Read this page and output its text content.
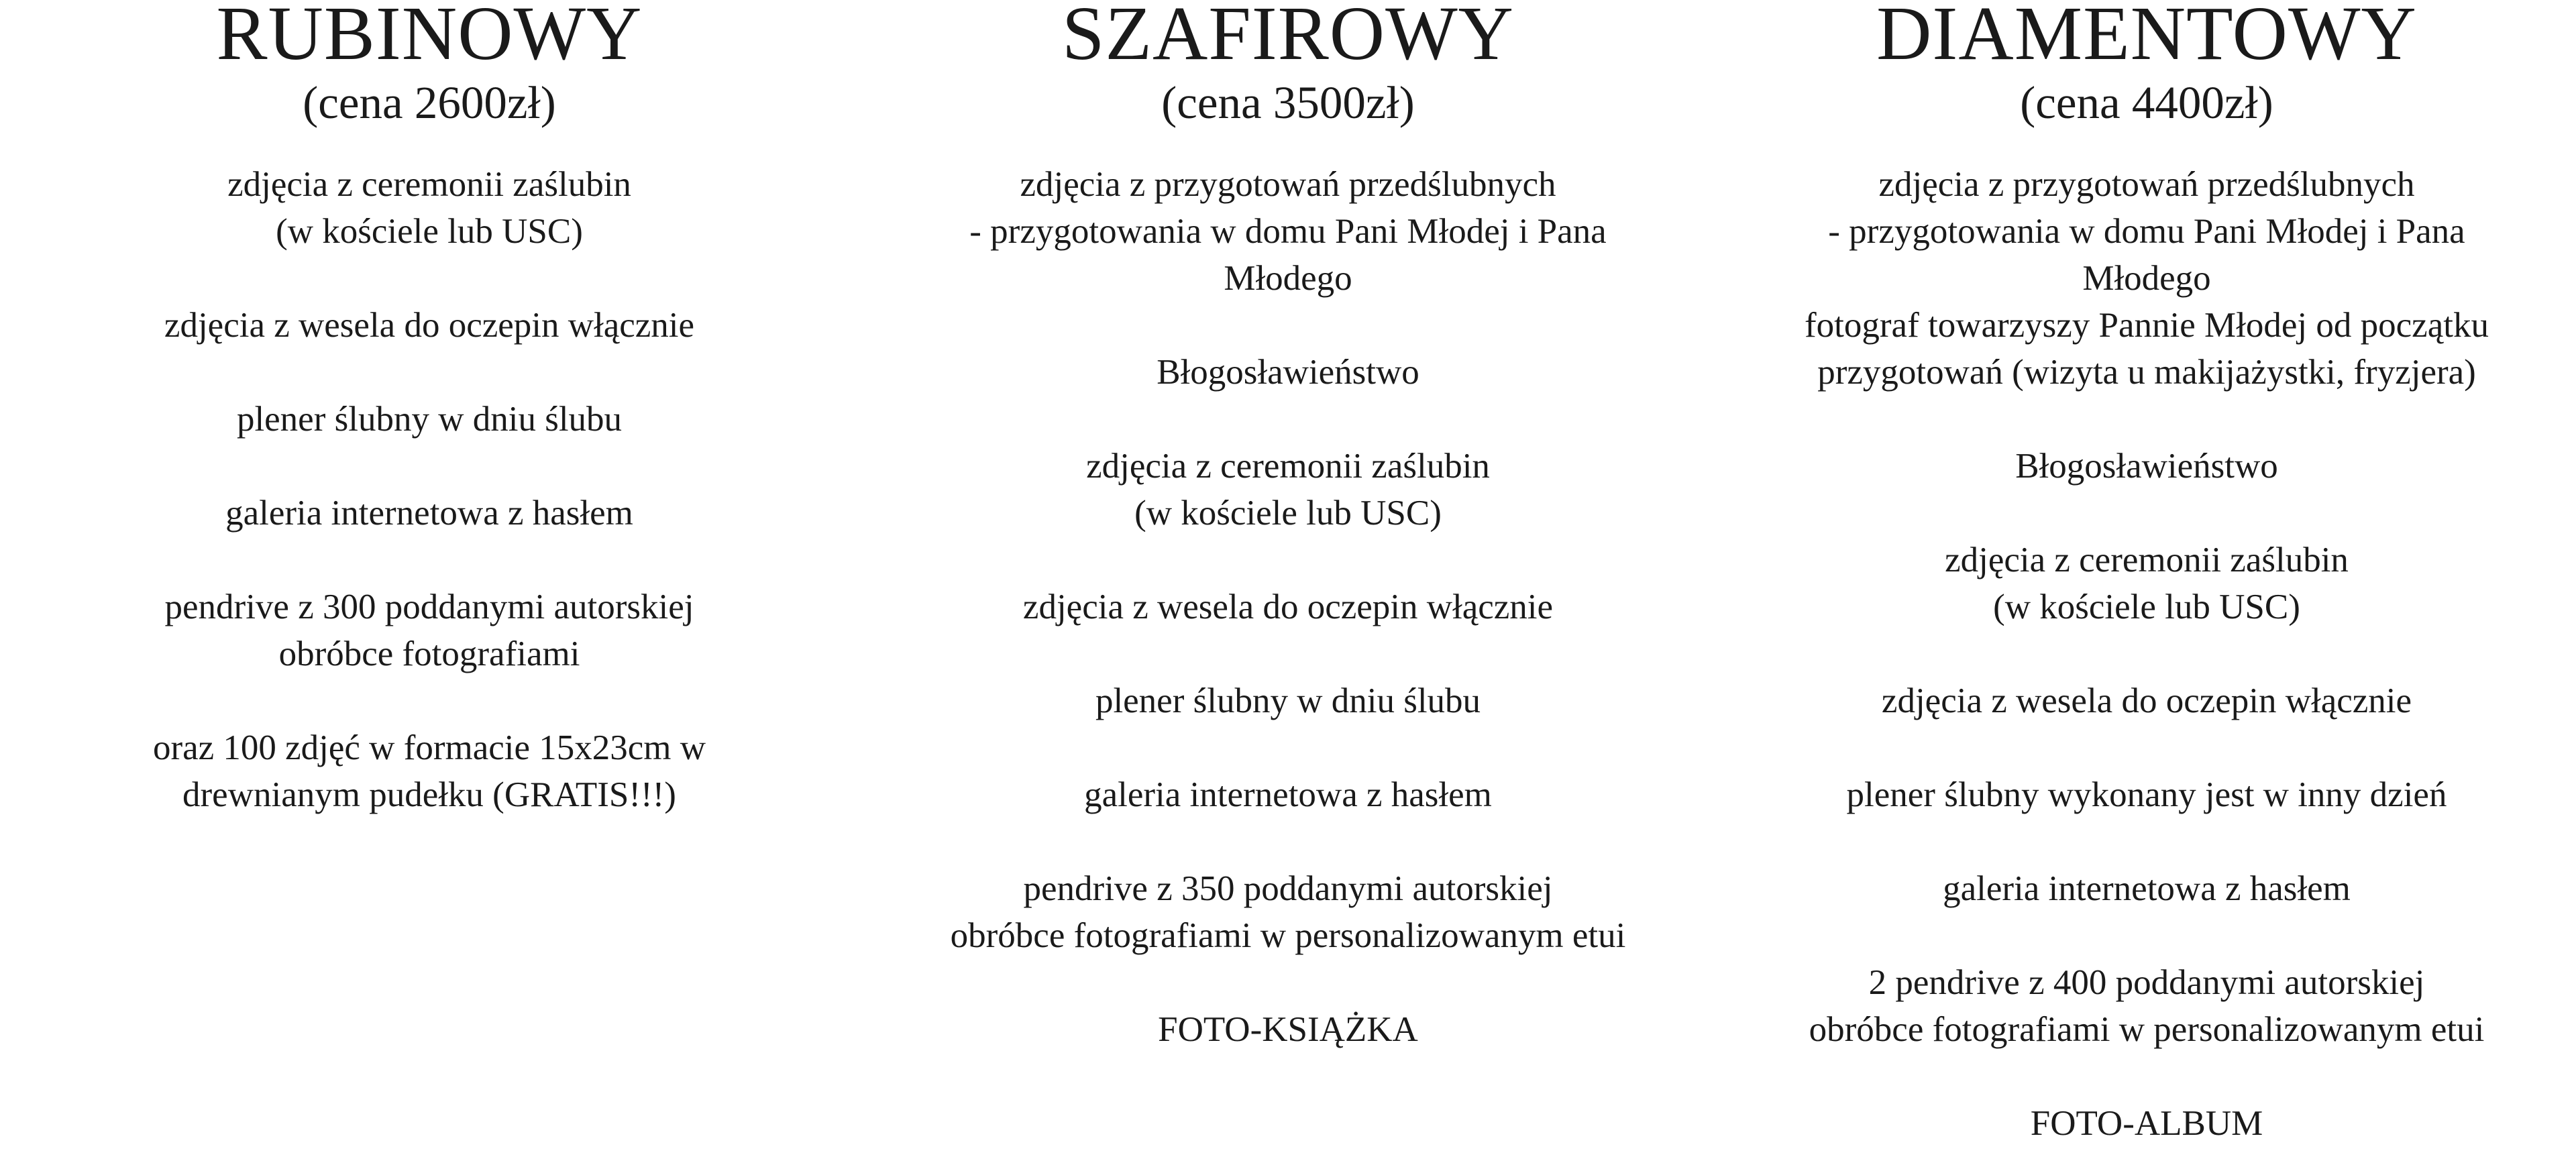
RUBINOWY
(cena 2600zł)

zdjęcia z ceremonii zaślubin
(w kościele lub USC)

zdjęcia z wesela do oczepin włącznie

plener ślubny w dniu ślubu

galeria internetowa z hasłem

pendrive z 300 poddanymi autorskiej
obróbce fotografiami

oraz 100 zdjęć w formacie 15x23cm w
drewnianym pudełku (GRATIS!!!)

SZAFIROWY
(cena 3500zł)

zdjęcia z przygotowań przedślubnych
- przygotowania w domu Pani Młodej i Pana
Młodego

Błogosławieństwo

zdjęcia z ceremonii zaślubin
(w kościele lub USC)

zdjęcia z wesela do oczepin włącznie

plener ślubny w dniu ślubu

galeria internetowa z hasłem

pendrive z 350 poddanymi autorskiej
obróbce fotografiami w personalizowanym etui

FOTO-KSIĄŻKA

DIAMENTOWY
(cena 4400zł)

zdjęcia z przygotowań przedślubnych
- przygotowania w domu Pani Młodej i Pana
Młodego

fotograf towarzyszy Pannie Młodej od początku
przygotowań (wizyta u makijażystki, fryzjera)

Błogosławieństwo

zdjęcia z ceremonii zaślubin
(w kościele lub USC)

zdjęcia z wesela do oczepin włącznie

plener ślubny wykonany jest w inny dzień

galeria internetowa z hasłem

2 pendrive z 400 poddanymi autorskiej
obróbce fotografiami w personalizowanym etui

FOTO-ALBUM
